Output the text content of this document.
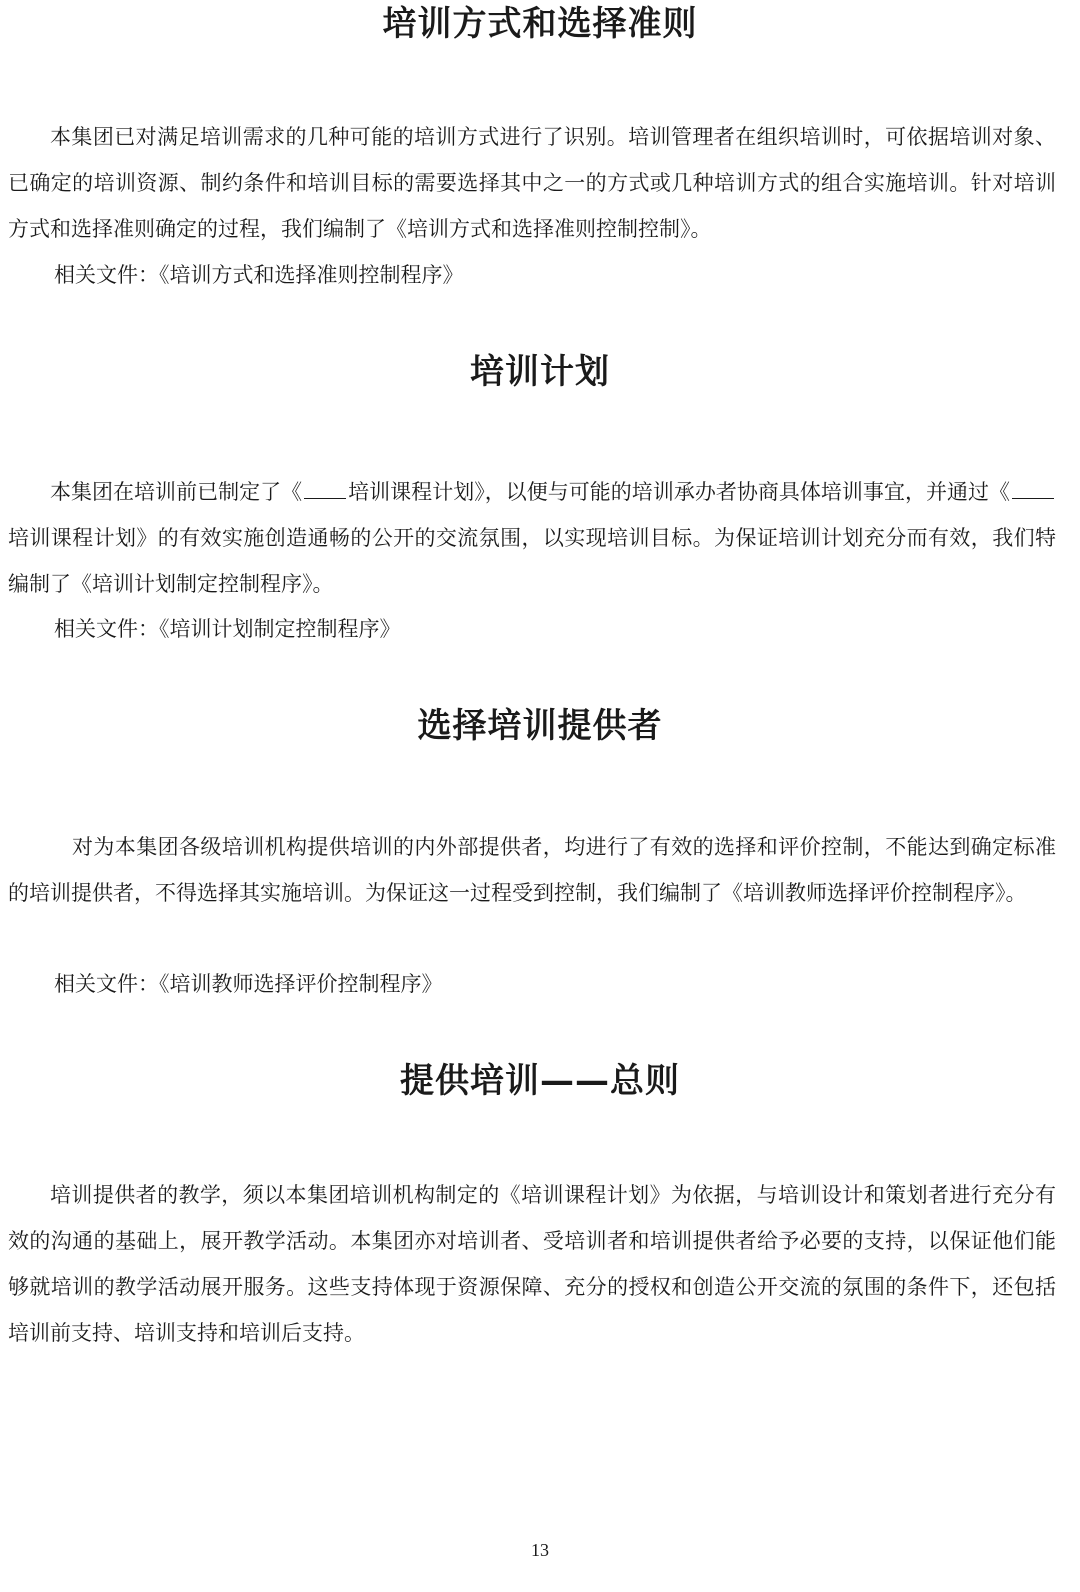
培训方式和选择准则

本集团已对满足培训需求的几种可能的培训方式进行了识别。培训管理者在组织培训时，可依据培训对象、已确定的培训资源、制约条件和培训目标的需要选择其中之一的方式或几种培训方式的组合实施培训。针对培训方式和选择准则确定的过程，我们编制了《培训方式和选择准则控制控制》。

相关文件：《培训方式和选择准则控制程序》
培训计划

本集团在培训前已制定了《 培训课程计划》，以便与可能的培训承办者协商具体培训事宜，并通过《培训课程计划》的有效实施创造通畅的公开的交流氛围，以实现培训目标。为保证培训计划充分而有效，我们特编制了《培训计划制定控制程序》。

相关文件：《培训计划制定控制程序》
选择培训提供者

对为本集团各级培训机构提供培训的内外部提供者，均进行了有效的选择和评价控制，不能达到确定标准的培训提供者，不得选择其实施培训。为保证这一过程受到控制，我们编制了《培训教师选择评价控制程序》。

相关文件：《培训教师选择评价控制程序》
提供培训——总则

培训提供者的教学，须以本集团培训机构制定的《培训课程计划》为依据，与培训设计和策划者进行充分有效的沟通的基础上，展开教学活动。本集团亦对培训者、受培训者和培训提供者给予必要的支持，以保证他们能够就培训的教学活动展开服务。这些支持体现于资源保障、充分的授权和创造公开交流的氛围的条件下，还包括培训前支持、培训支持和培训后支持。

13
